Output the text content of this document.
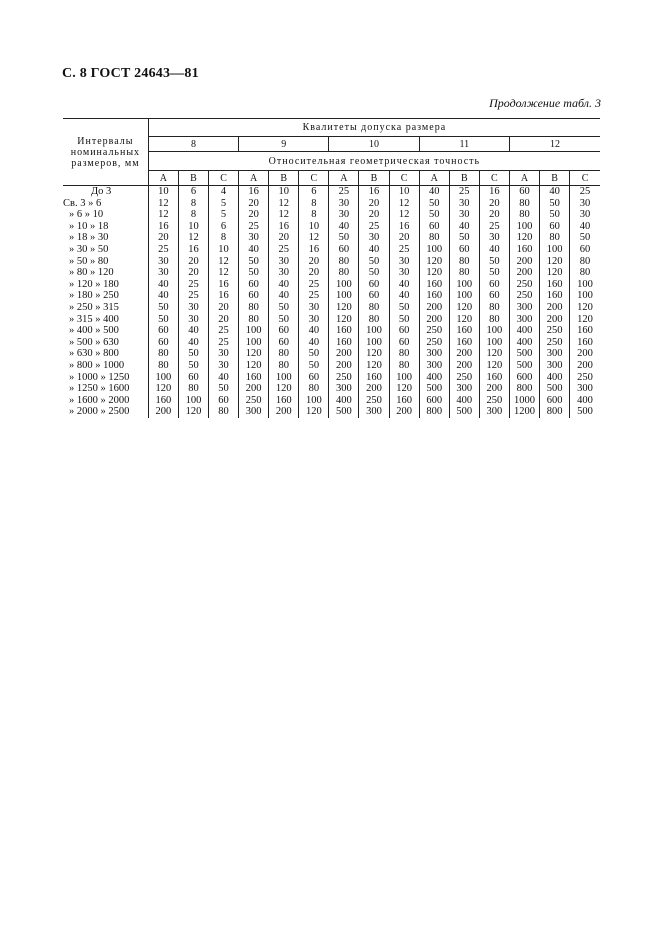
С. 8 ГОСТ 24643—81
Продолжение табл. 3
Интервалы
номинальных
размеров, мм	Квалитеты допуска размера														
	8			9			10			11			12		
	Относительная геометрическая точность														
	A	B	C	A	B	C	A	B	C	A	B	C	A	B	C
До 3	10	6	4	16	10	6	25	16	10	40	25	16	60	40	25
Св. 3 » 6	12	8	5	20	12	8	30	20	12	50	30	20	80	50	30
» 6 » 10	12	8	5	20	12	8	30	20	12	50	30	20	80	50	30
» 10 » 18	16	10	6	25	16	10	40	25	16	60	40	25	100	60	40
» 18 » 30	20	12	8	30	20	12	50	30	20	80	50	30	120	80	50
» 30 » 50	25	16	10	40	25	16	60	40	25	100	60	40	160	100	60
» 50 » 80	30	20	12	50	30	20	80	50	30	120	80	50	200	120	80
» 80 » 120	30	20	12	50	30	20	80	50	30	120	80	50	200	120	80
» 120 » 180	40	25	16	60	40	25	100	60	40	160	100	60	250	160	100
» 180 » 250	40	25	16	60	40	25	100	60	40	160	100	60	250	160	100
» 250 » 315	50	30	20	80	50	30	120	80	50	200	120	80	300	200	120
» 315 » 400	50	30	20	80	50	30	120	80	50	200	120	80	300	200	120
» 400 » 500	60	40	25	100	60	40	160	100	60	250	160	100	400	250	160
» 500 » 630	60	40	25	100	60	40	160	100	60	250	160	100	400	250	160
» 630 » 800	80	50	30	120	80	50	200	120	80	300	200	120	500	300	200
» 800 » 1000	80	50	30	120	80	50	200	120	80	300	200	120	500	300	200
» 1000 » 1250	100	60	40	160	100	60	250	160	100	400	250	160	600	400	250
» 1250 » 1600	120	80	50	200	120	80	300	200	120	500	300	200	800	500	300
» 1600 » 2000	160	100	60	250	160	100	400	250	160	600	400	250	1000	600	400
» 2000 » 2500	200	120	80	300	200	120	500	300	200	800	500	300	1200	800	500
